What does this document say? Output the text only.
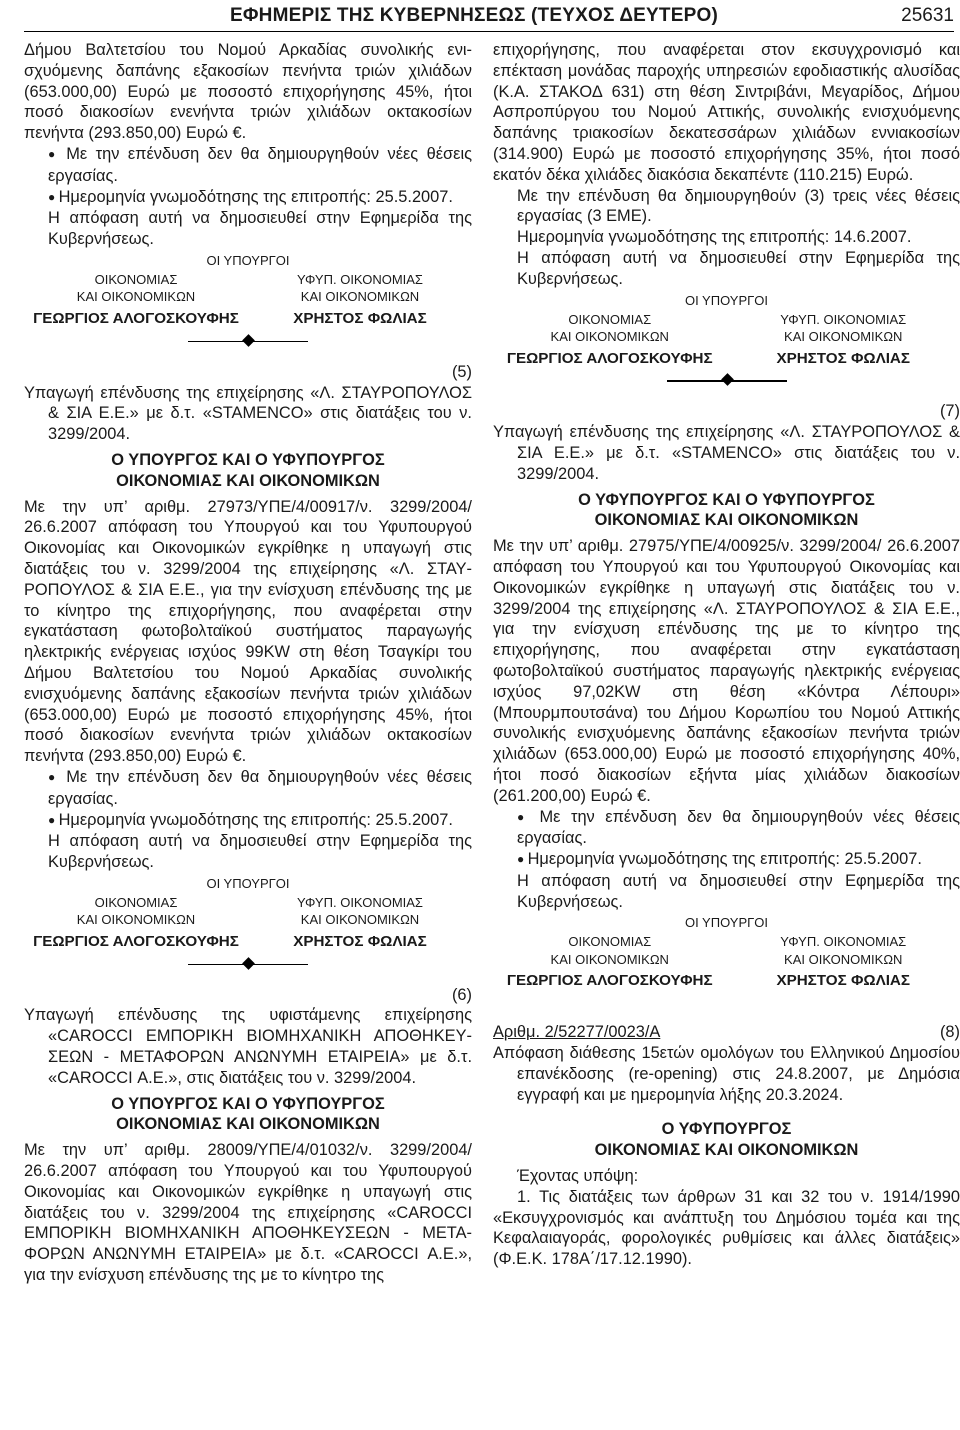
ΕΦΗΜΕΡΙΣ ΤΗΣ ΚΥΒΕΡΝΗΣΕΩΣ (ΤΕΥΧΟΣ ΔΕΥΤΕΡΟ)	25631

Δήμου Βαλτετσίου του Νομού Αρκαδίας συνολικής ενισχυόμενης δαπάνης εξακοσίων πενήντα τριών χιλιάδων (653.000,00) Ευρώ με ποσοστό επιχορήγησης 45%, ήτοι ποσό διακοσίων ενενήντα τριών χιλιάδων οκτακοσίων πενήντα (293.850,00) Ευρώ €.

● Με την επένδυση δεν θα δημιουργηθούν νέες θέσεις εργασίας.

● Ημερομηνία γνωμοδότησης της επιτροπής: 25.5.2007.

Η απόφαση αυτή να δημοσιευθεί στην Εφημερίδα της Κυβερνήσεως.

ΟΙ ΥΠΟΥΡΓΟΙ
ΟΙΚΟΝΟΜΙΑΣ
ΚΑΙ ΟΙΚΟΝΟΜΙΚΩΝ
ΥΦΥΠ. ΟΙΚΟΝΟΜΙΑΣ
ΚΑΙ ΟΙΚΟΝΟΜΙΚΩΝ
ΓΕΩΡΓΙΟΣ ΑΛΟΓΟΣΚΟΥΦΗΣ	ΧΡΗΣΤΟΣ ΦΩΛΙΑΣ

(5)

Υπαγωγή επένδυσης της επιχείρησης «Λ. ΣΤΑΥΡΟΠΟΥΛΟΣ & ΣΙΑ Ε.Ε.» με δ.τ. «STAMENCO» στις διατάξεις του ν. 3299/2004.

Ο ΥΠΟΥΡΓΟΣ ΚΑΙ Ο ΥΦΥΠΟΥΡΓΟΣ

ΟΙΚΟΝΟΜΙΑΣ ΚΑΙ ΟΙΚΟΝΟΜΙΚΩΝ

Με την υπ’ αριθμ. 27973/ΥΠΕ/4/00917/ν. 3299/2004/ 26.6.2007 απόφαση του Υπουργού και του Υφυπουργού Οικονομίας και Οικονομικών εγκρίθηκε η υπαγωγή στις διατάξεις του ν. 3299/2004 της επιχείρησης «Λ. ΣΤΑΥΡΟΠΟΥΛΟΣ & ΣΙΑ Ε.Ε., για την ενίσχυση επένδυσης της με το κίνητρο της επιχορήγησης, που αναφέρεται στην εγκατάσταση φωτοβολταϊκού συστήματος παραγωγής ηλεκτρικής ενέργειας ισχύος 99KW στη θέση Τσαγκίρι του Δήμου Βαλτετσίου του Νομού Αρκαδίας συνολικής ενισχυόμενης δαπάνης εξακοσίων πενήντα τριών χιλιάδων (653.000,00) Ευρώ με ποσοστό επιχορήγησης 45%, ήτοι ποσό διακοσίων ενενήντα τριών χιλιάδων οκτακοσίων πενήντα (293.850,00) Ευρώ €.

● Με την επένδυση δεν θα δημιουργηθούν νέες θέσεις εργασίας.

● Ημερομηνία γνωμοδότησης της επιτροπής: 25.5.2007.

Η απόφαση αυτή να δημοσιευθεί στην Εφημερίδα της Κυβερνήσεως.

ΟΙ ΥΠΟΥΡΓΟΙ
ΟΙΚΟΝΟΜΙΑΣ
ΚΑΙ ΟΙΚΟΝΟΜΙΚΩΝ
ΥΦΥΠ. ΟΙΚΟΝΟΜΙΑΣ
ΚΑΙ ΟΙΚΟΝΟΜΙΚΩΝ
ΓΕΩΡΓΙΟΣ ΑΛΟΓΟΣΚΟΥΦΗΣ	ΧΡΗΣΤΟΣ ΦΩΛΙΑΣ

(6)

Υπαγωγή επένδυσης της υφιστάμενης επιχείρησης «CAROCCI ΕΜΠΟΡΙΚΗ ΒΙΟΜΗΧΑΝΙΚΗ ΑΠΟΘΗΚΕΥΣΕΩΝ - ΜΕΤΑΦΟΡΩΝ ΑΝΩΝΥΜΗ ΕΤΑΙΡΕΙΑ» με δ.τ. «CAROCCI Α.Ε.», στις διατάξεις του ν. 3299/2004.

Ο ΥΠΟΥΡΓΟΣ ΚΑΙ Ο ΥΦΥΠΟΥΡΓΟΣ

ΟΙΚΟΝΟΜΙΑΣ ΚΑΙ ΟΙΚΟΝΟΜΙΚΩΝ

Με την υπ’ αριθμ. 28009/ΥΠΕ/4/01032/ν. 3299/2004/ 26.6.2007 απόφαση του Υπουργού και του Υφυπουργού Οικονομίας και Οικονομικών εγκρίθηκε η υπαγωγή στις διατάξεις του ν. 3299/2004 της επιχείρησης «CAROCCI ΕΜΠΟΡΙΚΗ ΒΙΟΜΗΧΑΝΙΚΗ ΑΠΟΘΗΚΕΥΣΕΩΝ - ΜΕΤΑΦΟΡΩΝ ΑΝΩΝΥΜΗ ΕΤΑΙΡΕΙΑ» με δ.τ. «CAROCCI Α.Ε.», για την ενίσχυση επένδυσης της με το κίνητρο της

επιχορήγησης, που αναφέρεται στον εκσυγχρονισμό και επέκταση μονάδας παροχής υπηρεσιών εφοδιαστικής αλυσίδας (Κ.Α. ΣΤΑΚΟΔ 631) στη θέση Σιντριβάνι, Μεγαρίδος, Δήμου Ασπροπύργου του Νομού Αττικής, συνολικής ενισχυόμενης δαπάνης τριακοσίων δεκατεσσάρων χιλιάδων εννιακοσίων (314.900) Ευρώ με ποσοστό επιχορήγησης 35%, ήτοι ποσό εκατόν δέκα χιλιάδες διακόσια δεκαπέντε (110.215) Ευρώ.

Με την επένδυση θα δημιουργηθούν (3) τρεις νέες θέσεις εργασίας (3 ΕΜΕ).

Ημερομηνία γνωμοδότησης της επιτροπής: 14.6.2007.

Η απόφαση αυτή να δημοσιευθεί στην Εφημερίδα της Κυβερνήσεως.

ΟΙ ΥΠΟΥΡΓΟΙ
ΟΙΚΟΝΟΜΙΑΣ
ΚΑΙ ΟΙΚΟΝΟΜΙΚΩΝ
ΥΦΥΠ. ΟΙΚΟΝΟΜΙΑΣ
ΚΑΙ ΟΙΚΟΝΟΜΙΚΩΝ
ΓΕΩΡΓΙΟΣ ΑΛΟΓΟΣΚΟΥΦΗΣ	ΧΡΗΣΤΟΣ ΦΩΛΙΑΣ

(7)

Υπαγωγή επένδυσης της επιχείρησης «Λ. ΣΤΑΥΡΟΠΟΥΛΟΣ & ΣΙΑ Ε.Ε.» με δ.τ. «STAMENCO» στις διατάξεις του ν. 3299/2004.

Ο ΥΦΥΠΟΥΡΓΟΣ ΚΑΙ Ο ΥΦΥΠΟΥΡΓΟΣ

ΟΙΚΟΝΟΜΙΑΣ ΚΑΙ ΟΙΚΟΝΟΜΙΚΩΝ

Με την υπ’ αριθμ. 27975/ΥΠΕ/4/00925/ν. 3299/2004/ 26.6.2007 απόφαση του Υπουργού και του Υφυπουργού Οικονομίας και Οικονομικών εγκρίθηκε η υπαγωγή στις διατάξεις του ν. 3299/2004 της επιχείρησης «Λ. ΣΤΑΥΡΟΠΟΥΛΟΣ & ΣΙΑ Ε.Ε., για την ενίσχυση επένδυσης της με το κίνητρο της επιχορήγησης, που αναφέρεται στην εγκατάσταση φωτοβολταϊκού συστήματος παραγωγής ηλεκτρικής ενέργειας ισχύος 97,02KW στη θέση «Κόντρα Λέπουρι» (Μπουρμπουτσάνα) του Δήμου Κορωπίου του Νομού Αττικής συνολικής ενισχυόμενης δαπάνης εξακοσίων πενήντα τριών χιλιάδων (653.000,00) Ευρώ με ποσοστό επιχορήγησης 40%, ήτοι ποσό διακοσίων εξήντα μίας χιλιάδων διακοσίων (261.200,00) Ευρώ €.

● Με την επένδυση δεν θα δημιουργηθούν νέες θέσεις εργασίας.

● Ημερομηνία γνωμοδότησης της επιτροπής: 25.5.2007.

Η απόφαση αυτή να δημοσιευθεί στην Εφημερίδα της Κυβερνήσεως.

ΟΙ ΥΠΟΥΡΓΟΙ
ΟΙΚΟΝΟΜΙΑΣ
ΚΑΙ ΟΙΚΟΝΟΜΙΚΩΝ
ΥΦΥΠ. ΟΙΚΟΝΟΜΙΑΣ
ΚΑΙ ΟΙΚΟΝΟΜΙΚΩΝ
ΓΕΩΡΓΙΟΣ ΑΛΟΓΟΣΚΟΥΦΗΣ	ΧΡΗΣΤΟΣ ΦΩΛΙΑΣ
Αριθμ. 2/52277/0023/Α	(8)

Απόφαση διάθεσης 15ετών ομολόγων του Ελληνικού Δημοσίου επανέκδοσης (re-opening) στις 24.8.2007, με Δημόσια εγγραφή και με ημερομηνία λήξης 20.3.2024.

Ο ΥΦΥΠΟΥΡΓΟΣ

ΟΙΚΟΝΟΜΙΑΣ ΚΑΙ ΟΙΚΟΝΟΜΙΚΩΝ

Έχοντας υπόψη:

1. Τις διατάξεις των άρθρων 31 και 32 του ν. 1914/1990 «Εκσυγχρονισμός και ανάπτυξη του Δημόσιου τομέα και της Κεφαλαιαγοράς, φορολογικές ρυθμίσεις και άλλες διατάξεις» (Φ.Ε.Κ. 178Α΄/17.12.1990).
